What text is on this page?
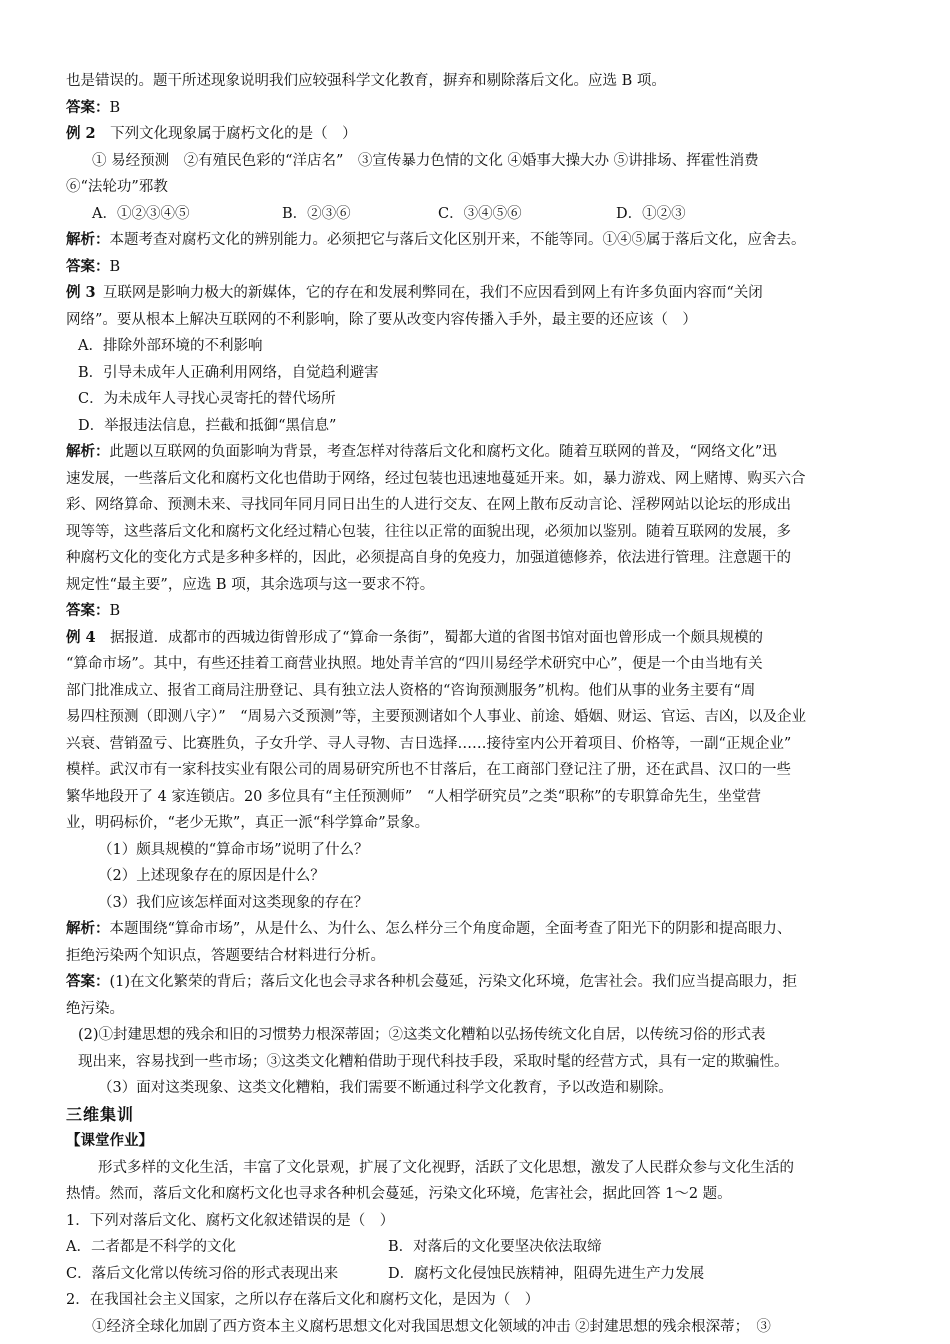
也是错误的。题干所述现象说明我们应较强科学文化教育，摒弃和剔除落后文化。应选 B 项。

答案：B

例 2  下列文化现象属于腐朽文化的是（　）

① 易经预测　②有殖民色彩的“洋店名”　③宣传暴力色情的文化 ④婚事大操大办 ⑤讲排场、挥霍性消费

⑥“法轮功”邪教

A．①②③④⑤	B．②③⑥	C．③④⑤⑥	D．①②③

解析：本题考查对腐朽文化的辨别能力。必须把它与落后文化区别开来，不能等同。①④⑤属于落后文化，应舍去。

答案：B

例 3  互联网是影响力极大的新媒体，它的存在和发展利弊同在，我们不应因看到网上有许多负面内容而“关闭

网络”。要从根本上解决互联网的不利影响，除了要从改变内容传播入手外，最主要的还应该（　）

A．排除外部环境的不利影响

B．引导未成年人正确利用网络，自觉趋利避害

C．为未成年人寻找心灵寄托的替代场所

D．举报违法信息，拦截和抵御“黑信息”

解析：此题以互联网的负面影响为背景，考查怎样对待落后文化和腐朽文化。随着互联网的普及，“网络文化”迅

速发展，一些落后文化和腐朽文化也借助于网络，经过包装也迅速地蔓延开来。如，暴力游戏、网上赌博、购买六合

彩、网络算命、预测未来、寻找同年同月同日出生的人进行交友、在网上散布反动言论、淫秽网站以论坛的形成出

现等等，这些落后文化和腐朽文化经过精心包装，往往以正常的面貌出现，必须加以鉴别。随着互联网的发展，多

种腐朽文化的变化方式是多种多样的，因此，必须提高自身的免疫力，加强道德修养，依法进行管理。注意题干的

规定性“最主要”，应选 B 项，其余选项与这一要求不符。

答案：B

例 4  据报道．成都市的西城边街曾形成了“算命一条街”，蜀都大道的省图书馆对面也曾形成一个颇具规模的

“算命市场”。其中，有些还挂着工商营业执照。地处青羊宫的“四川易经学术研究中心”，便是一个由当地有关

部门批准成立、报省工商局注册登记、具有独立法人资格的“咨询预测服务”机构。他们从事的业务主要有“周

易四柱预测（即测八字）”　“周易六爻预测”等，主要预测诸如个人事业、前途、婚姻、财运、官运、吉凶，以及企业

兴衰、营销盈亏、比赛胜负，子女升学、寻人寻物、吉日选择……接待室内公开着项目、价格等，一副“正规企业”

模样。武汉市有一家科技实业有限公司的周易研究所也不甘落后，在工商部门登记注了册，还在武昌、汉口的一些

繁华地段开了 4 家连锁店。20 多位具有“主任预测师”　“人相学研究员”之类“职称”的专职算命先生，坐堂营

业，明码标价，“老少无欺”，真正一派“科学算命”景象。

（1）颇具规模的“算命市场”说明了什么？

（2）上述现象存在的原因是什么？

（3）我们应该怎样面对这类现象的存在？

解析：本题围绕“算命市场”，从是什么、为什么、怎么样分三个角度命题，全面考查了阳光下的阴影和提高眼力、

拒绝污染两个知识点，答题要结合材料进行分析。

答案：(1)在文化繁荣的背后；落后文化也会寻求各种机会蔓延，污染文化环境，危害社会。我们应当提高眼力，拒

绝污染。

(2)①封建思想的残余和旧的习惯势力根深蒂固；②这类文化糟粕以弘扬传统文化自居，以传统习俗的形式表

现出来，容易找到一些市场；③这类文化糟粕借助于现代科技手段，采取时髦的经营方式，具有一定的欺骗性。

（3）面对这类现象、这类文化糟粕，我们需要不断通过科学文化教育，予以改造和剔除。

三维集训

【课堂作业】

形式多样的文化生活，丰富了文化景观，扩展了文化视野，活跃了文化思想，激发了人民群众参与文化生活的

热情。然而，落后文化和腐朽文化也寻求各种机会蔓延，污染文化环境，危害社会，据此回答 1～2 题。

1．下列对落后文化、腐朽文化叙述错误的是（　）

A．二者都是不科学的文化	B．对落后的文化要坚决依法取缔
C．落后文化常以传统习俗的形式表现出来	D．腐朽文化侵蚀民族精神，阻碍先进生产力发展

2．在我国社会主义国家，之所以存在落后文化和腐朽文化，是因为（　）

①经济全球化加剧了西方资本主义腐朽思想文化对我国思想文化领域的冲击 ②封建思想的残余根深蒂；　③
